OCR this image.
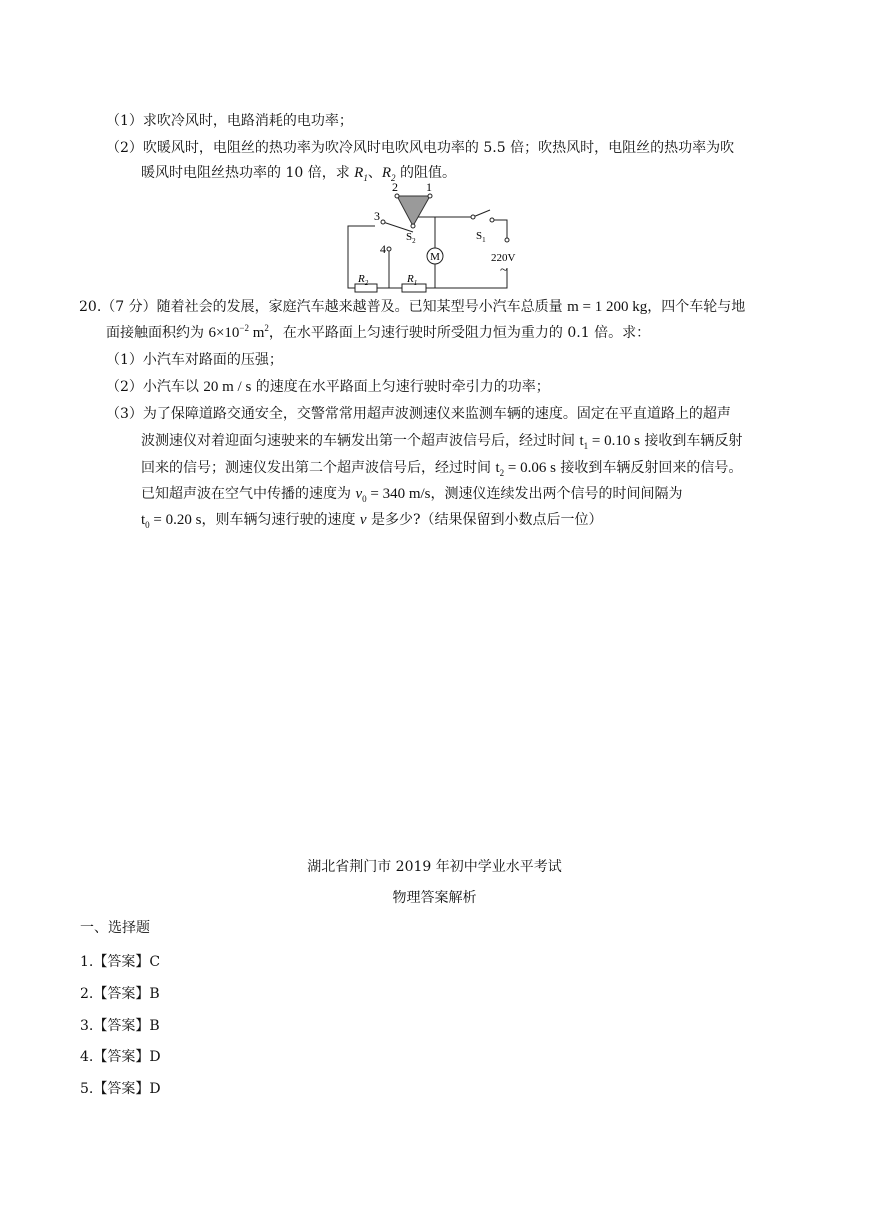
（1）求吹冷风时，电路消耗的电功率；
（2）吹暖风时，电阻丝的热功率为吹冷风时电吹风电功率的 5.5 倍；吹热风时，电阻丝的热功率为吹
暖风时电阻丝热功率的 10 倍，求 $R_1$、$R_2$ 的阻值。
2 1
3
4
$S_2$	$S_1$
M	220V
~
$R_2$	$R_1$
20.（7 分）随着社会的发展，家庭汽车越来越普及。已知某型号小汽车总质量 m = 1 200 kg，四个车轮与地
面接触面积约为 $6\times 10^{-2}$ $m^2$，在水平路面上匀速行驶时所受阻力恒为重力的 0.1 倍。求：
（1）小汽车对路面的压强；
（2）小汽车以 20 m / s 的速度在水平路面上匀速行驶时牵引力的功率；
（3）为了保障道路交通安全，交警常常用超声波测速仪来监测车辆的速度。固定在平直道路上的超声
波测速仪对着迎面匀速驶来的车辆发出第一个超声波信号后，经过时间 $t_1 = 0.10$ s 接收到车辆反射
回来的信号；测速仪发出第二个超声波信号后，经过时间 $t_2 = 0.06$ s 接收到车辆反射回来的信号。
已知超声波在空气中传播的速度为 $v_0 = 340$ m/s，测速仪连续发出两个信号的时间间隔为
$t_0 = 0.20$ s，则车辆匀速行驶的速度 v 是多少?（结果保留到小数点后一位）
湖北省荆门市 2019 年初中学业水平考试
物理答案解析
一、选择题
1.【答案】C
2.【答案】B
3.【答案】B
4.【答案】D
5.【答案】D
